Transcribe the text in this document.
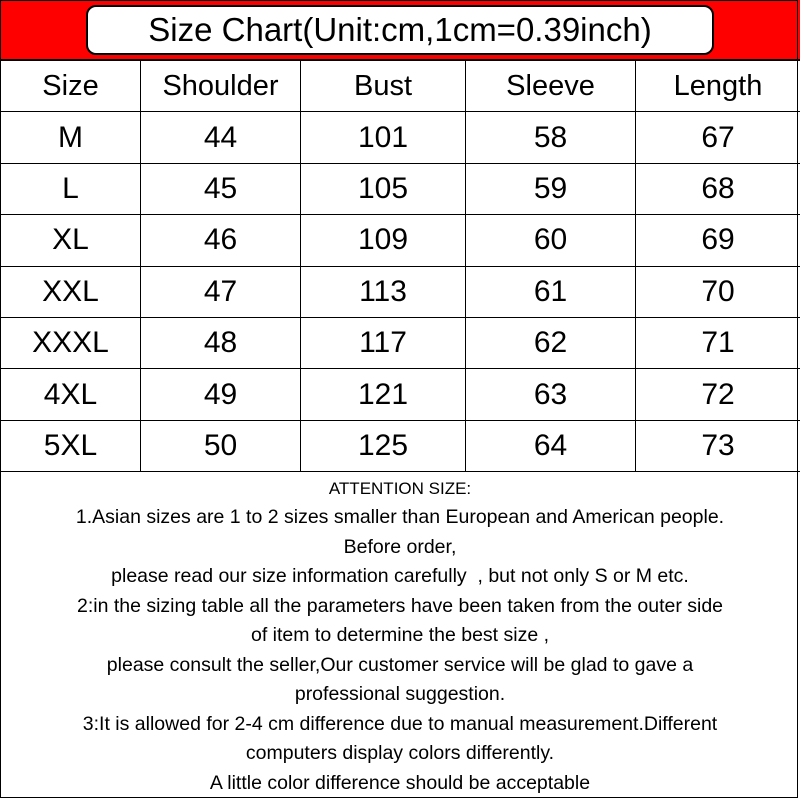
Size Chart(Unit:cm,1cm=0.39inch)
Size	Shoulder	Bust	Sleeve	Length
M	44	101	58	67
L	45	105	59	68
XL	46	109	60	69
XXL	47	113	61	70
XXXL	48	117	62	71
4XL	49	121	63	72
5XL	50	125	64	73
ATTENTION SIZE:
1.Asian sizes are 1 to 2 sizes smaller than European and American people.
Before order,
please read our size information carefully  , but not only S or M etc.
2:in the sizing table all the parameters have been taken from the outer side
of item to determine the best size ,
please consult the seller,Our customer service will be glad to gave a
professional suggestion.
3:It is allowed for 2-4 cm difference due to manual measurement.Different
computers display colors differently.
A little color difference should be acceptable
